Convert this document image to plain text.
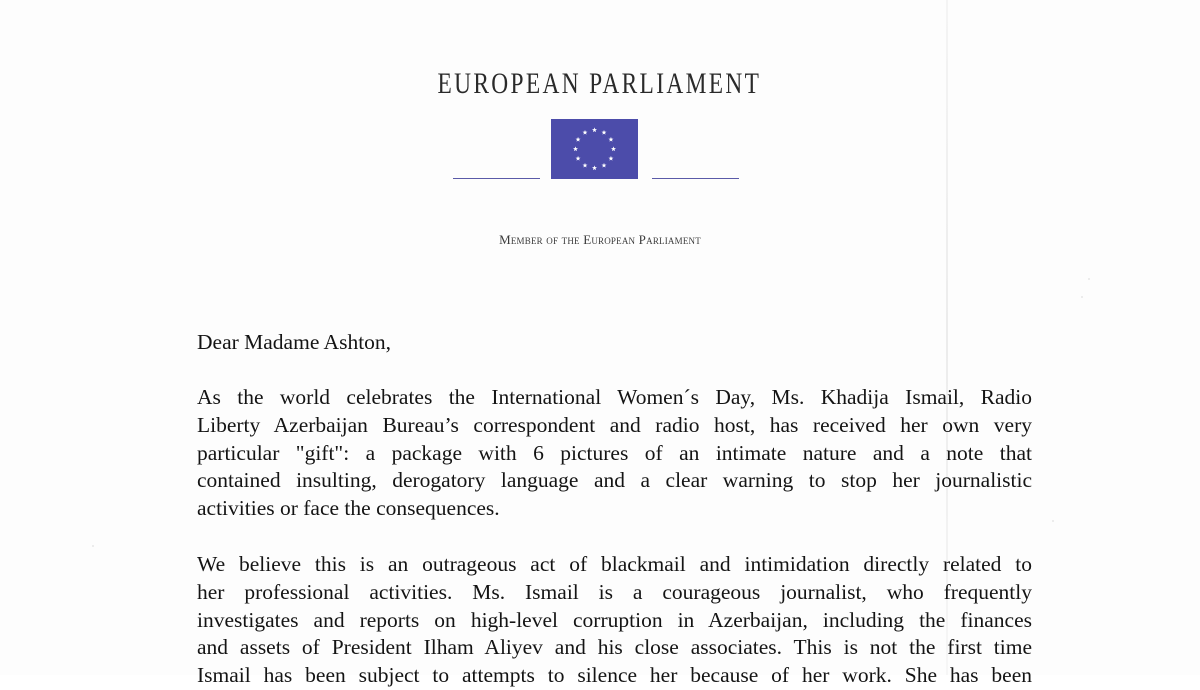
EUROPEAN PARLIAMENT
Member of the European Parliament
Dear Madame Ashton,
As the world celebrates the International Women´s Day, Ms. Khadija Ismail, Radio
Liberty Azerbaijan Bureau’s correspondent and radio host, has received her own very
particular "gift": a package with 6 pictures of an intimate nature and a note that
contained insulting, derogatory language and a clear warning to stop her journalistic
activities or face the consequences.
We believe this is an outrageous act of blackmail and intimidation directly related to
her professional activities. Ms. Ismail is a courageous journalist, who frequently
investigates and reports on high-level corruption in Azerbaijan, including the finances
and assets of President Ilham Aliyev and his close associates. This is not the first time
Ismail has been subject to attempts to silence her because of her work. She has been
